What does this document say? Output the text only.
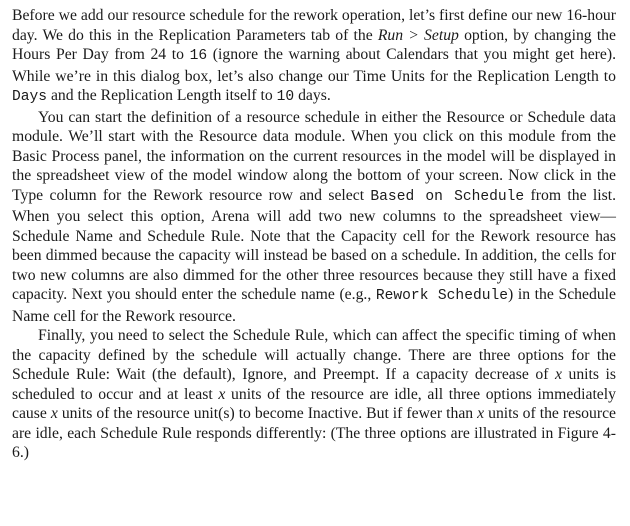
Before we add our resource schedule for the rework operation, let’s first define our new 16-hour day. We do this in the Replication Parameters tab of the Run > Setup option, by changing the Hours Per Day from 24 to 16 (ignore the warning about Calendars that you might get here). While we’re in this dialog box, let’s also change our Time Units for the Replication Length to Days and the Replication Length itself to 10 days.

You can start the definition of a resource schedule in either the Resource or Schedule data module. We’ll start with the Resource data module. When you click on this module from the Basic Process panel, the information on the current resources in the model will be displayed in the spreadsheet view of the model window along the bottom of your screen. Now click in the Type column for the Rework resource row and select Based on Schedule from the list. When you select this option, Arena will add two new columns to the spreadsheet view—Schedule Name and Schedule Rule. Note that the Capacity cell for the Rework resource has been dimmed because the capacity will instead be based on a schedule. In addition, the cells for two new columns are also dimmed for the other three resources because they still have a fixed capacity. Next you should enter the schedule name (e.g., Rework Schedule) in the Schedule Name cell for the Rework resource.

Finally, you need to select the Schedule Rule, which can affect the specific timing of when the capacity defined by the schedule will actually change. There are three options for the Schedule Rule: Wait (the default), Ignore, and Preempt. If a capacity decrease of x units is scheduled to occur and at least x units of the resource are idle, all three options immediately cause x units of the resource unit(s) to become Inactive. But if fewer than x units of the resource are idle, each Schedule Rule responds differently: (The three options are illustrated in Figure 4-6.)
